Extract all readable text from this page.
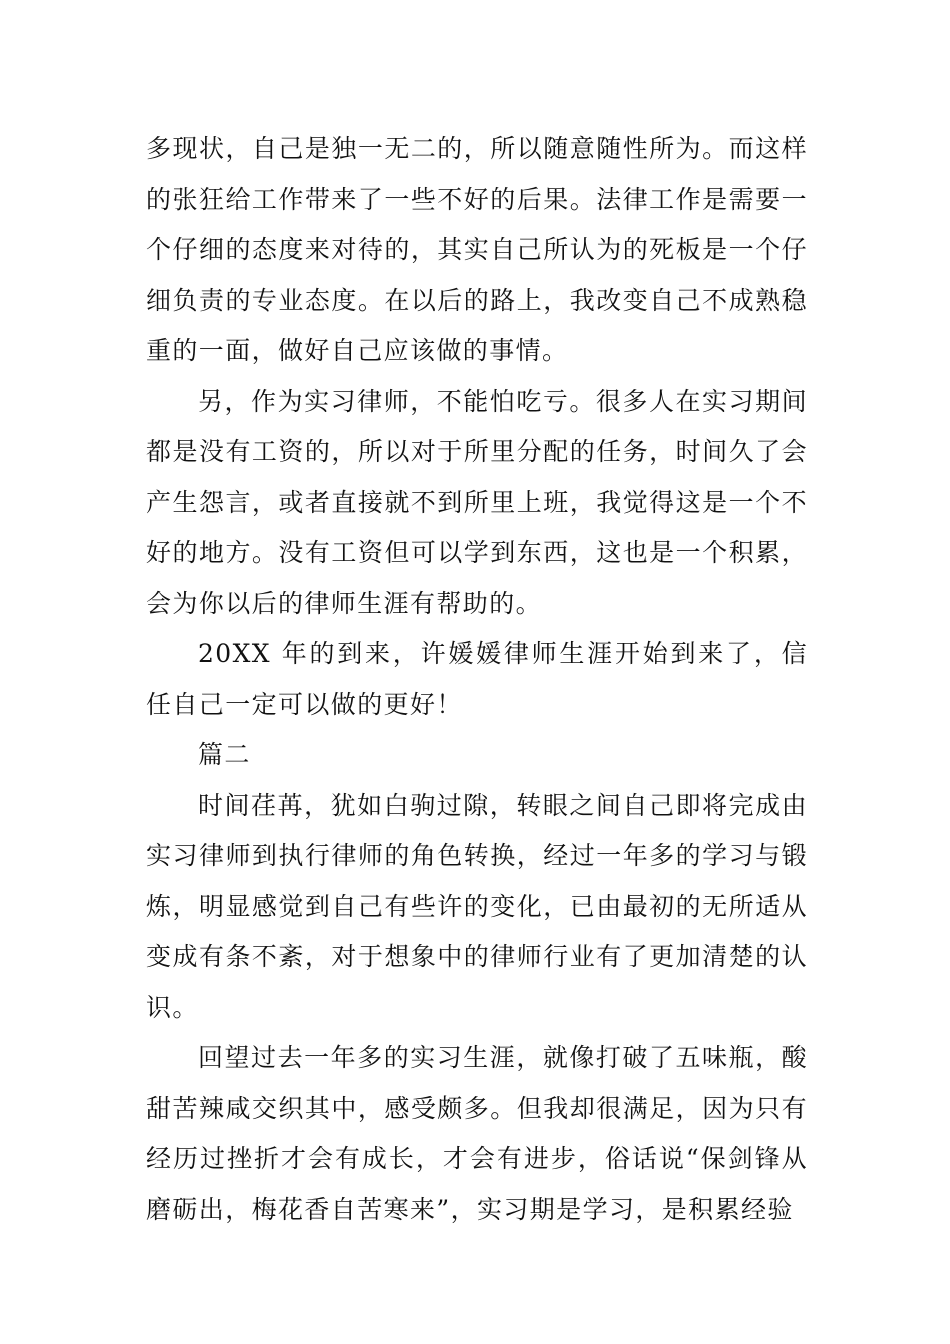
多现状，自己是独一无二的，所以随意随性所为。而这样的张狂给工作带来了一些不好的后果。法律工作是需要一个仔细的态度来对待的，其实自己所认为的死板是一个仔细负责的专业态度。在以后的路上，我改变自己不成熟稳重的一面，做好自己应该做的事情。

另，作为实习律师，不能怕吃亏。很多人在实习期间都是没有工资的，所以对于所里分配的任务，时间久了会产生怨言，或者直接就不到所里上班，我觉得这是一个不好的地方。没有工资但可以学到东西，这也是一个积累，会为你以后的律师生涯有帮助的。

20XX 年的到来，许媛媛律师生涯开始到来了，信任自己一定可以做的更好！

篇二

时间荏苒，犹如白驹过隙，转眼之间自己即将完成由实习律师到执行律师的角色转换，经过一年多的学习与锻炼，明显感觉到自己有些许的变化，已由最初的无所适从变成有条不紊，对于想象中的律师行业有了更加清楚的认识。

回望过去一年多的实习生涯，就像打破了五味瓶，酸甜苦辣咸交织其中，感受颇多。但我却很满足，因为只有经历过挫折才会有成长，才会有进步，俗话说“保剑锋从磨砺出，梅花香自苦寒来”，实习期是学习，是积累经验
